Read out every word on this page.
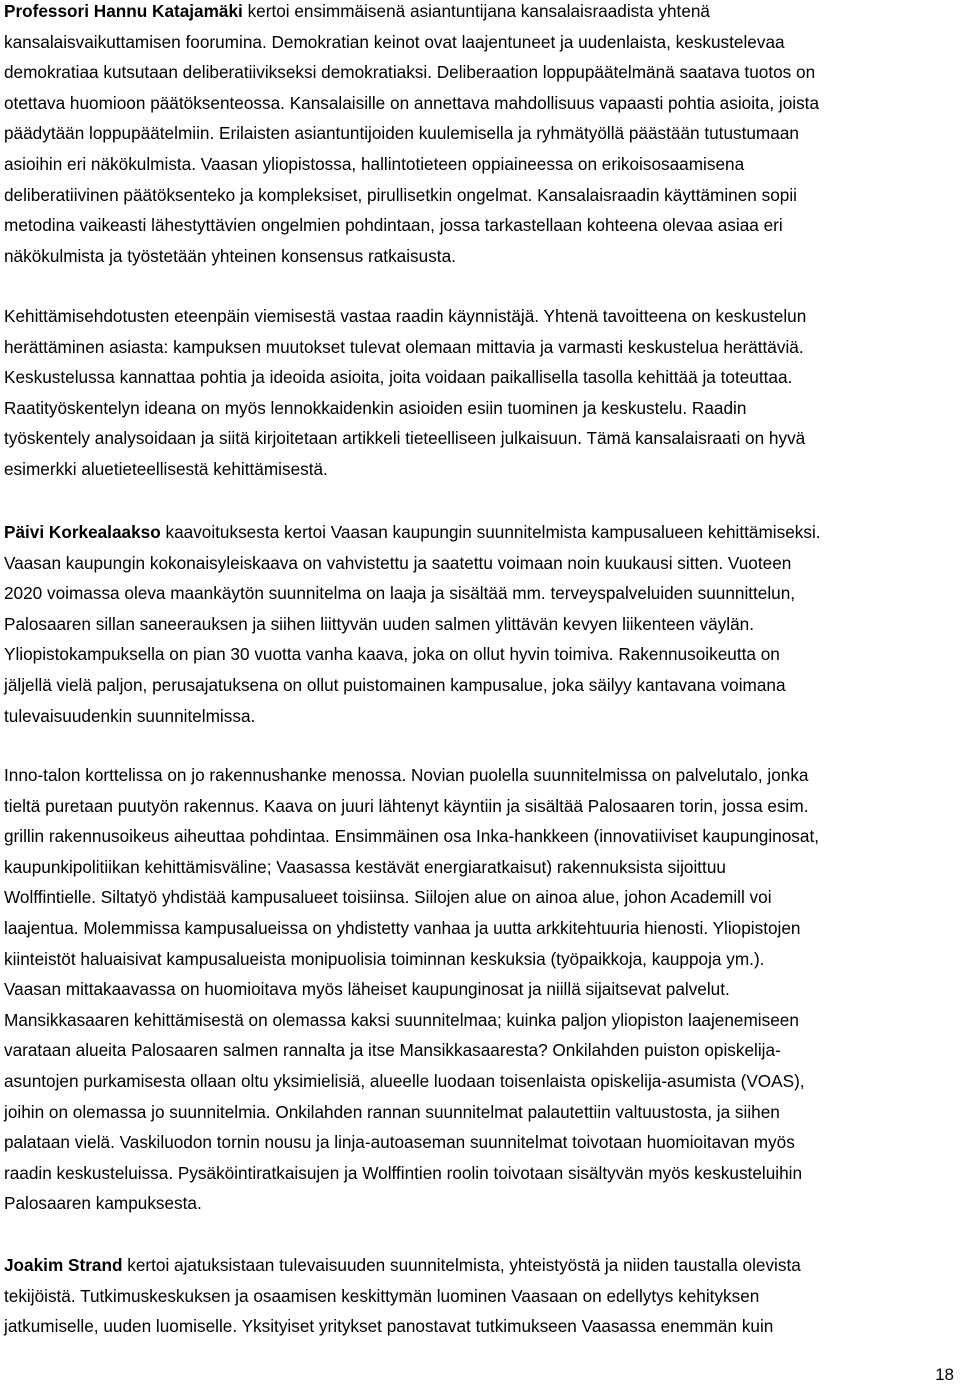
Professori Hannu Katajamäki kertoi ensimmäisenä asiantuntijana kansalaisraadista yhtenä
kansalaisvaikuttamisen foorumina. Demokratian keinot ovat laajentuneet ja uudenlaista, keskustelevaa
demokratiaa kutsutaan deliberatiivikseksi demokratiaksi. Deliberaation loppupäätelmänä saatava tuotos on
otettava huomioon päätöksenteossa. Kansalaisille on annettava mahdollisuus vapaasti pohtia asioita, joista
päädytään loppupäätelmiin. Erilaisten asiantuntijoiden kuulemisella ja ryhmätyöllä päästään tutustumaan
asioihin eri näkökulmista. Vaasan yliopistossa, hallintotieteen oppiaineessa on erikoisosaamisena
deliberatiivinen päätöksenteko ja kompleksiset, pirullisetkin ongelmat. Kansalaisraadin käyttäminen sopii
metodina vaikeasti lähestyttävien ongelmien pohdintaan, jossa tarkastellaan kohteena olevaa asiaa eri
näkökulmista ja työstetään yhteinen konsensus ratkaisusta.
Kehittämisehdotusten eteenpäin viemisestä vastaa raadin käynnistäjä. Yhtenä tavoitteena on keskustelun
herättäminen asiasta: kampuksen muutokset tulevat olemaan mittavia ja varmasti keskustelua herättäviä.
Keskustelussa kannattaa pohtia ja ideoida asioita, joita voidaan paikallisella tasolla kehittää ja toteuttaa.
Raatityöskentelyn ideana on myös lennokkaidenkin asioiden esiin tuominen ja keskustelu. Raadin
työskentely analysoidaan ja siitä kirjoitetaan artikkeli tieteelliseen julkaisuun. Tämä kansalaisraati on hyvä
esimerkki aluetieteellisestä kehittämisestä.
Päivi Korkealaakso kaavoituksesta kertoi Vaasan kaupungin suunnitelmista kampusalueen kehittämiseksi.
Vaasan kaupungin kokonaisyleiskaava on vahvistettu ja saatettu voimaan noin kuukausi sitten. Vuoteen
2020 voimassa oleva maankäytön suunnitelma on laaja ja sisältää mm. terveyspalveluiden suunnittelun,
Palosaaren sillan saneerauksen ja siihen liittyvän uuden salmen ylittävän kevyen liikenteen väylän.
Yliopistokampuksella on pian 30 vuotta vanha kaava, joka on ollut hyvin toimiva. Rakennusoikeutta on
jäljellä vielä paljon, perusajatuksena on ollut puistomainen kampusalue, joka säilyy kantavana voimana
tulevaisuudenkin suunnitelmissa.
Inno-talon korttelissa on jo rakennushanke menossa. Novian puolella suunnitelmissa on palvelutalo, jonka
tieltä puretaan puutyön rakennus. Kaava on juuri lähtenyt käyntiin ja sisältää Palosaaren torin, jossa esim.
grillin rakennusoikeus aiheuttaa pohdintaa. Ensimmäinen osa Inka-hankkeen (innovatiiviset kaupunginosat,
kaupunkipolitiikan kehittämisväline; Vaasassa kestävät energiaratkaisut) rakennuksista sijoittuu
Wolffintielle. Siltatyö yhdistää kampusalueet toisiinsa. Siilojen alue on ainoa alue, johon Academill voi
laajentua. Molemmissa kampusalueissa on yhdistetty vanhaa ja uutta arkkitehtuuria hienosti. Yliopistojen
kiinteistöt haluaisivat kampusalueista monipuolisia toiminnan keskuksia (työpaikkoja, kauppoja ym.).
Vaasan mittakaavassa on huomioitava myös läheiset kaupunginosat ja niillä sijaitsevat palvelut.
Mansikkasaaren kehittämisestä on olemassa kaksi suunnitelmaa; kuinka paljon yliopiston laajenemiseen
varataan alueita Palosaaren salmen rannalta ja itse Mansikkasaaresta? Onkilahden puiston opiskelija-
asuntojen purkamisesta ollaan oltu yksimielisiä, alueelle luodaan toisenlaista opiskelija-asumista (VOAS),
joihin on olemassa jo suunnitelmia. Onkilahden rannan suunnitelmat palautettiin valtuustosta, ja siihen
palataan vielä. Vaskiluodon tornin nousu ja linja-autoaseman suunnitelmat toivotaan huomioitavan myös
raadin keskusteluissa. Pysäköintiratkaisujen ja Wolffintien roolin toivotaan sisältyvän myös keskusteluihin
Palosaaren kampuksesta.
Joakim Strand kertoi ajatuksistaan tulevaisuuden suunnitelmista, yhteistyöstä ja niiden taustalla olevista
tekijöistä. Tutkimuskeskuksen ja osaamisen keskittymän luominen Vaasaan on edellytys kehityksen
jatkumiselle, uuden luomiselle. Yksityiset yritykset panostavat tutkimukseen Vaasassa enemmän kuin
18
